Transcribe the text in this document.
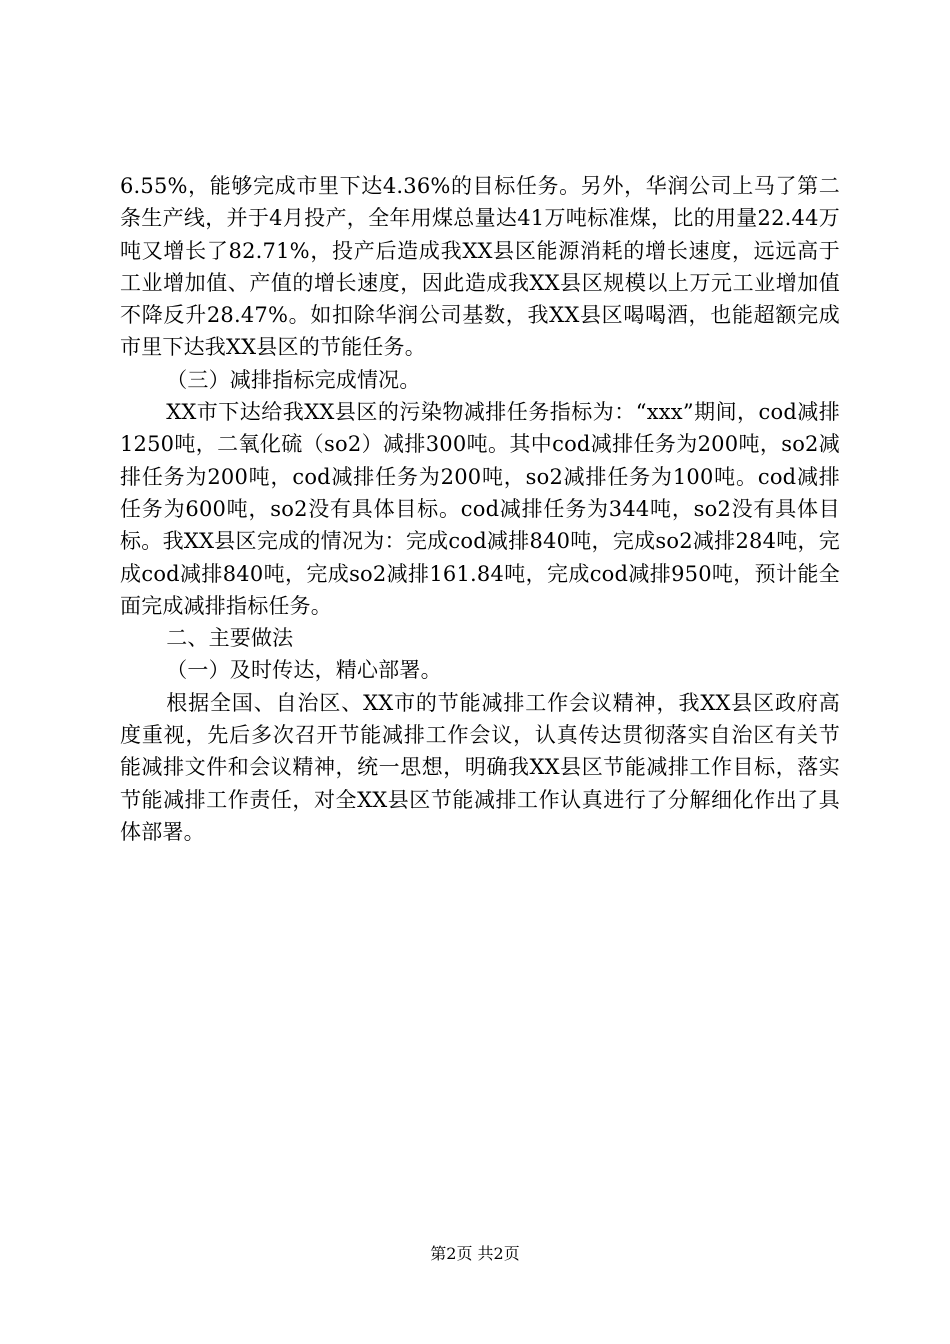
6.55%，能够完成市里下达4.36%的目标任务。另外，华润公司上马了第二条生产线，并于4月投产，全年用煤总量达41万吨标准煤，比的用量22.44万吨又增长了82.71%，投产后造成我XX县区能源消耗的增长速度，远远高于工业增加值、产值的增长速度，因此造成我XX县区规模以上万元工业增加值不降反升28.47%。如扣除华润公司基数，我XX县区喝喝酒，也能超额完成市里下达我XX县区的节能任务。

（三）减排指标完成情况。

XX市下达给我XX县区的污染物减排任务指标为：“xxx”期间，cod减排1250吨，二氧化硫（so2）减排300吨。其中cod减排任务为200吨，so2减排任务为200吨，cod减排任务为200吨，so2减排任务为100吨。cod减排任务为600吨，so2没有具体目标。cod减排任务为344吨，so2没有具体目标。我XX县区完成的情况为：完成cod减排840吨，完成so2减排284吨，完成cod减排840吨，完成so2减排161.84吨，完成cod减排950吨，预计能全面完成减排指标任务。

二、主要做法

（一）及时传达，精心部署。

根据全国、自治区、XX市的节能减排工作会议精神，我XX县区政府高度重视，先后多次召开节能减排工作会议，认真传达贯彻落实自治区有关节能减排文件和会议精神，统一思想，明确我XX县区节能减排工作目标，落实节能减排工作责任，对全XX县区节能减排工作认真进行了分解细化作出了具体部署。

第2页 共2页
